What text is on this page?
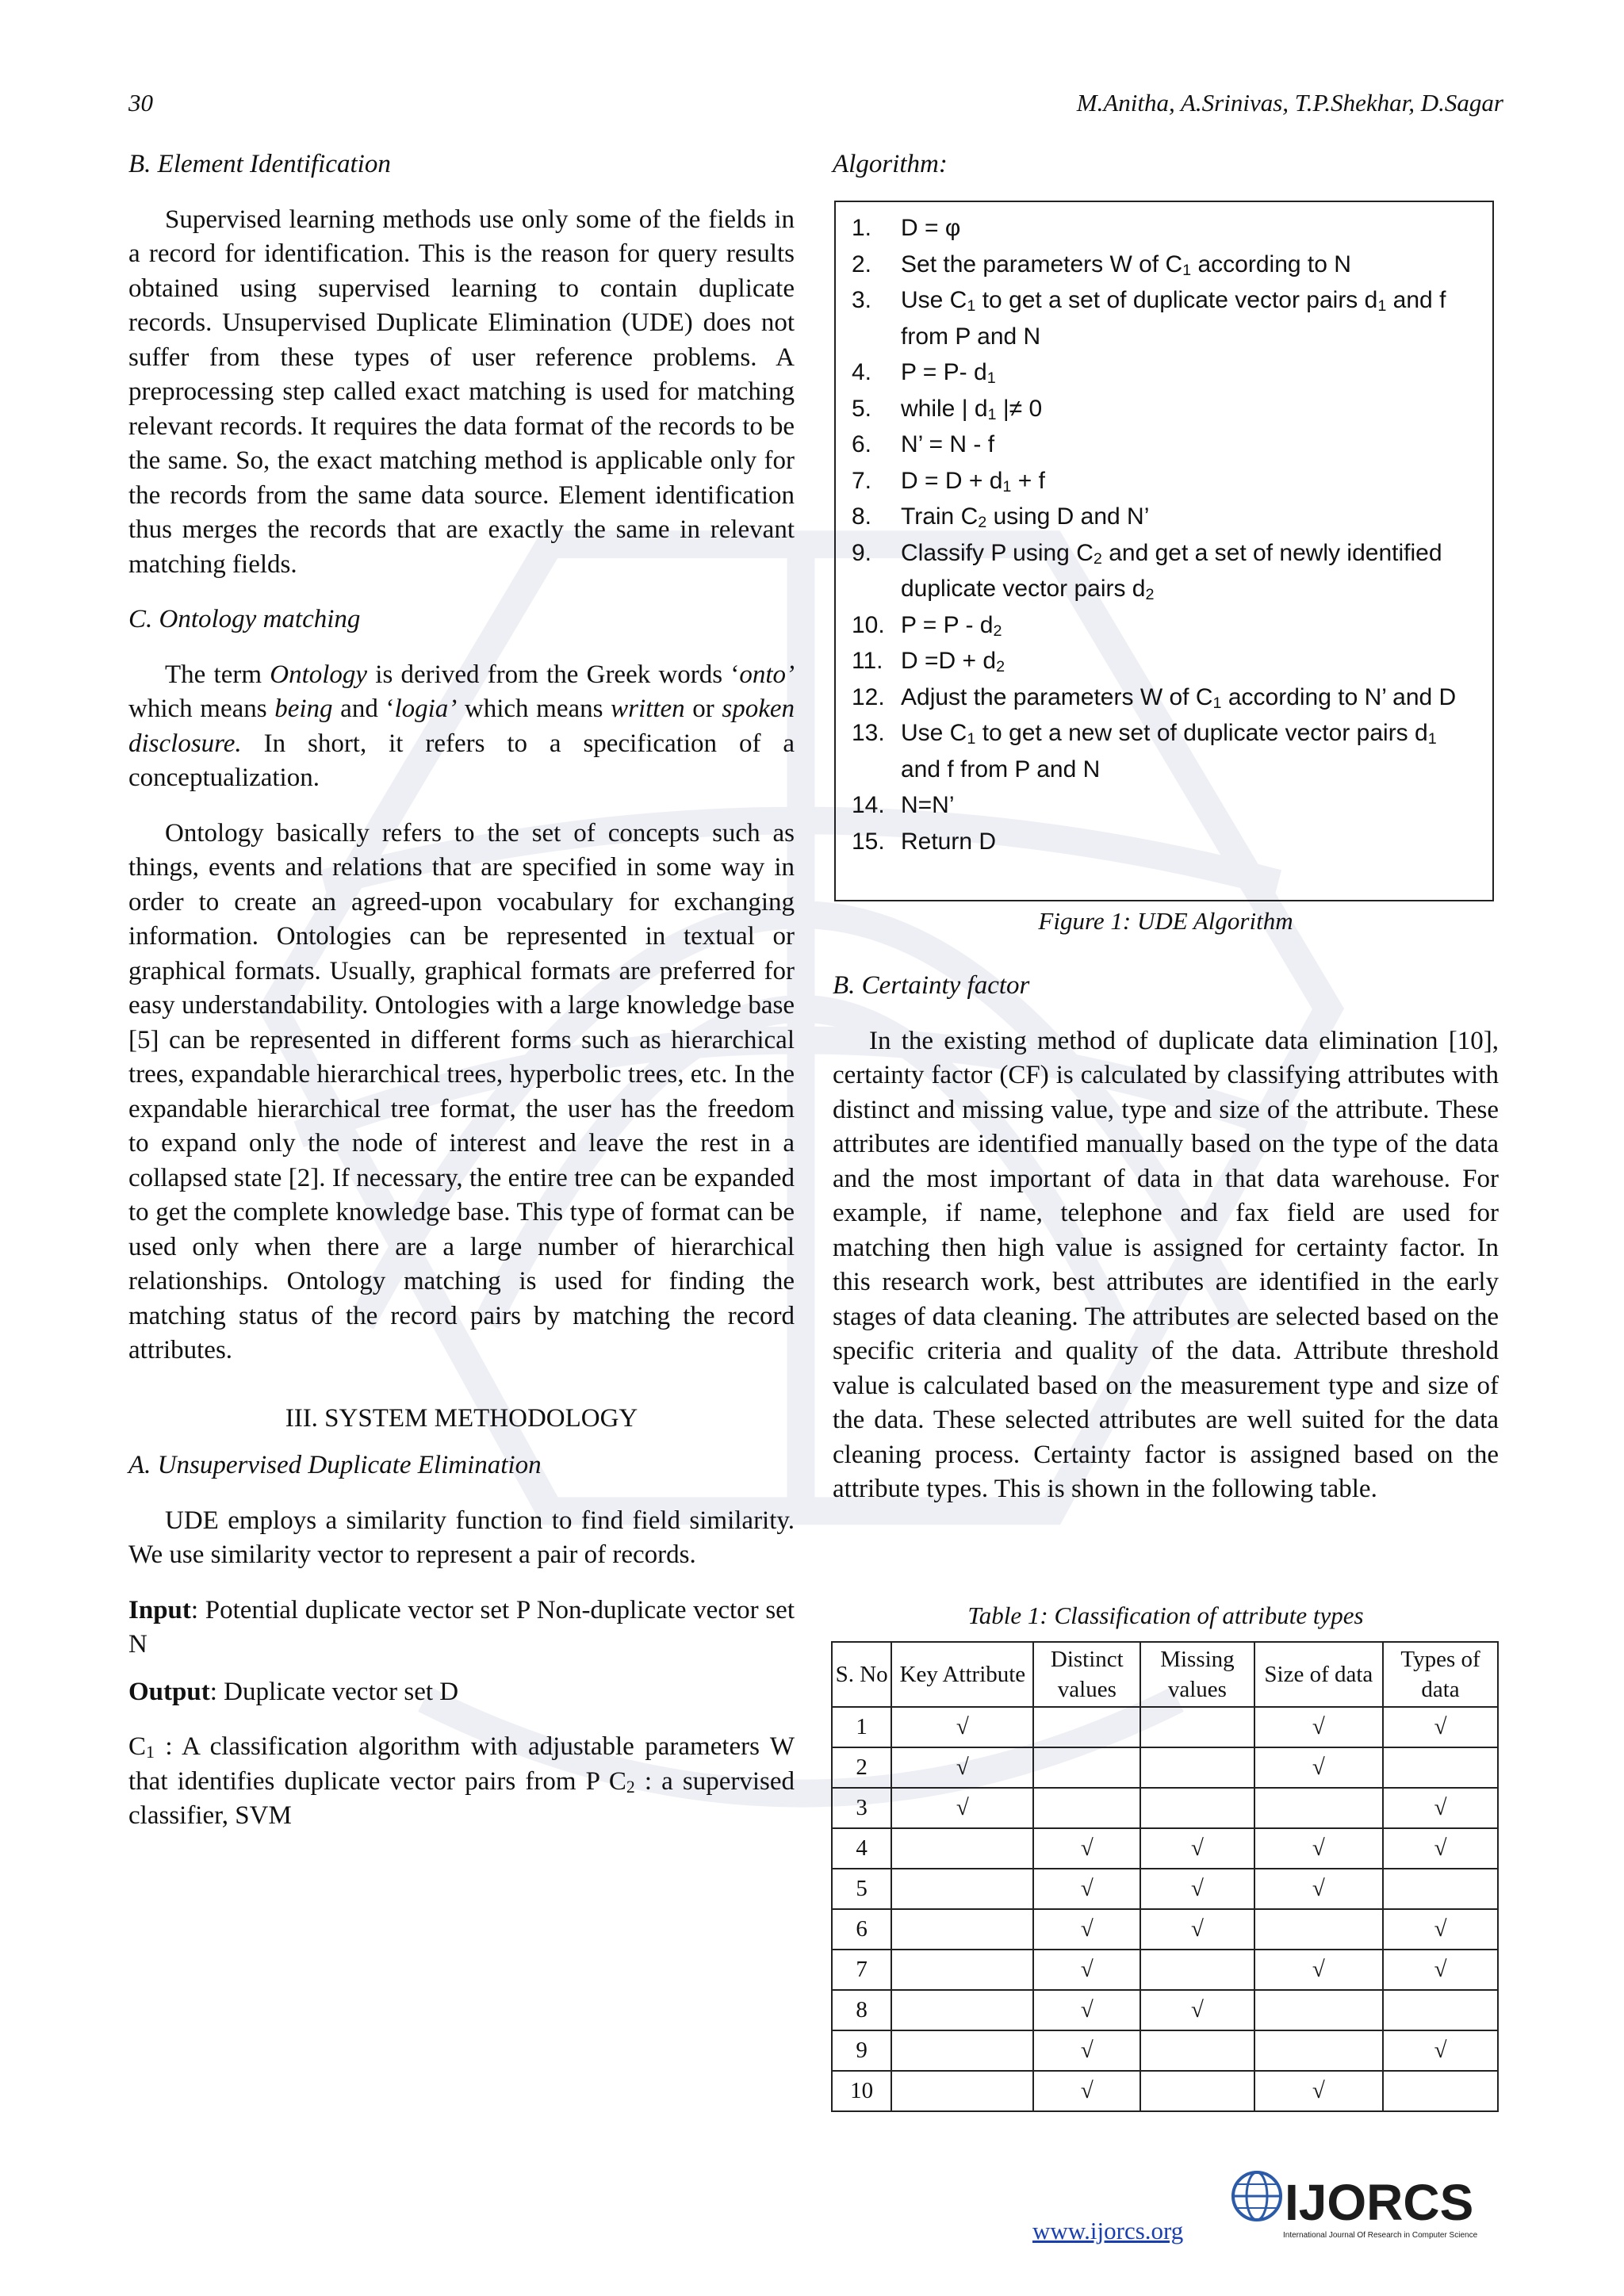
30	M.Anitha, A.Srinivas, T.P.Shekhar, D.Sagar

B. Element Identification

Supervised learning methods use only some of the fields in a record for identification. This is the reason for query results obtained using supervised learning to contain duplicate records. Unsupervised Duplicate Elimination (UDE) does not suffer from these types of user reference problems. A preprocessing step called exact matching is used for matching relevant records. It requires the data format of the records to be the same. So, the exact matching method is applicable only for the records from the same data source. Element identification thus merges the records that are exactly the same in relevant matching fields.

C. Ontology matching

The term Ontology is derived from the Greek words ‘onto’ which means being and ‘logia’ which means written or spoken disclosure. In short, it refers to a specification of a conceptualization.

Ontology basically refers to the set of concepts such as things, events and relations that are specified in some way in order to create an agreed-upon vocabulary for exchanging information. Ontologies can be represented in textual or graphical formats. Usually, graphical formats are preferred for easy understandability. Ontologies with a large knowledge base [5] can be represented in different forms such as hierarchical trees, expandable hierarchical trees, hyperbolic trees, etc. In the expandable hierarchical tree format, the user has the freedom to expand only the node of interest and leave the rest in a collapsed state [2]. If necessary, the entire tree can be expanded to get the complete knowledge base. This type of format can be used only when there are a large number of hierarchical relationships. Ontology matching is used for finding the matching status of the record pairs by matching the record attributes.

III. SYSTEM METHODOLOGY

A. Unsupervised Duplicate Elimination

UDE employs a similarity function to find field similarity. We use similarity vector to represent a pair of records.

Input: Potential duplicate vector set P Non-duplicate vector set N

Output: Duplicate vector set D

$C_1$ : A classification algorithm with adjustable parameters W that identifies duplicate vector pairs from P $C_2$ : a supervised classifier, SVM

Algorithm:
1.	D = φ
2.	Set the parameters W of $C_1$ according to N
3.	Use $C_1$ to get a set of duplicate vector pairs $d_1$ and f from P and N
4.	P = P- $d_1$
5.	while | $d_1$ |≠ 0
6.	N’ = N - f
7.	$D = D + d_1 + f$
8.	Train $C_2$ using D and N’
9.	Classify P using $C_2$ and get a set of newly identified duplicate vector pairs $d_2$
10. $P = P - d_2$
11. $D =D + d_2$
12. Adjust the parameters W of $C_1$ according to N’ and D
13. Use $C_1$ to get a new set of duplicate vector pairs $d_1$ and f from P and N
14. N=N’
15. Return D
Figure 1: UDE Algorithm

B. Certainty factor

In the existing method of duplicate data elimination [10], certainty factor (CF) is calculated by classifying attributes with distinct and missing value, type and size of the attribute. These attributes are identified manually based on the type of the data and the most important of data in that data warehouse. For example, if name, telephone and fax field are used for matching then high value is assigned for certainty factor. In this research work, best attributes are identified in the early stages of data cleaning. The attributes are selected based on the specific criteria and quality of the data. Attribute threshold value is calculated based on the measurement type and size of the data. These selected attributes are well suited for the data cleaning process. Certainty factor is assigned based on the attribute types. This is shown in the following table.

Table 1: Classification of attribute types
S. No	Key Attribute	Distinct values	Missing values	Size of data	Types of data
1	√			√	√
2	√			√	
3	√				√
4		√	√	√	√
5		√	√	√	
6		√	√		√
7		√		√	√
8		√	√		
9		√			√
10		√		√	
www.ijorcs.org IJORCS
International Journal Of Research in Computer Science
